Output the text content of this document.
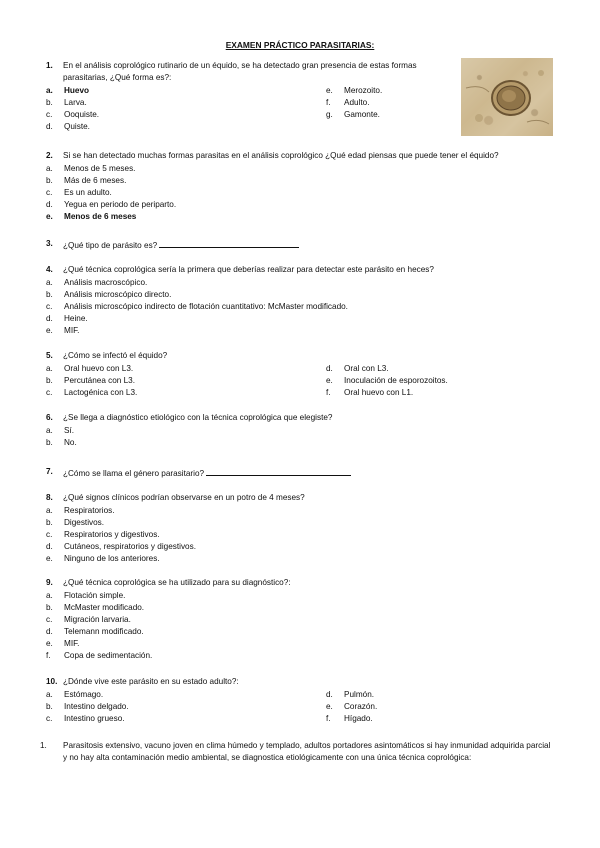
EXAMEN PRÁCTICO PARASITARIAS:
1.	En el análisis coprológico rutinario de un équido, se ha detectado gran presencia de estas formas parasitarias, ¿Qué forma es?:
a.	Huevo
b.	Larva.
c.	Ooquiste.
d.	Quiste.
e.	Merozoito.
f.	Adulto.
g.	Gamonte.
2.	Si se han detectado muchas formas parasitas en el análisis coprológico ¿Qué edad piensas que puede tener el équido?
a.	Menos de 5 meses.
b.	Más de 6 meses.
c.	Es un adulto.
d.	Yegua en periodo de periparto.
e.	Menos de 6 meses
3.	¿Qué tipo de parásito es?
4.	¿Qué técnica coprológica sería la primera que deberías realizar para detectar este parásito en heces?
a.	Análisis macroscópico.
b.	Análisis microscópico directo.
c.	Análisis microscópico indirecto de flotación cuantitativo: McMaster modificado.
d.	Heine.
e.	MIF.
5.	¿Cómo se infectó el équido?
a.	Oral huevo con L3.
b.	Percutánea con L3.
c.	Lactogénica con L3.
d.	Oral con L3.
e.	Inoculación de esporozoitos.
f.	Oral huevo con L1.
6.	¿Se llega a diagnóstico etiológico con la técnica coprológica que elegiste?
a.	Sí.
b.	No.
7.	¿Cómo se llama el género parasitario?
8.	¿Qué signos clínicos podrían observarse en un potro de 4 meses?
a.	Respiratorios.
b.	Digestivos.
c.	Respiratorios y digestivos.
d.	Cutáneos, respiratorios y digestivos.
e.	Ninguno de los anteriores.
9.	¿Qué técnica coprológica se ha utilizado para su diagnóstico?:
a.	Flotación simple.
b.	McMaster modificado.
c.	Migración larvaria.
d.	Telemann modificado.
e.	MIF.
f.	Copa de sedimentación.
10. ¿Dónde vive este parásito en su estado adulto?:
a.	Estómago.
b.	Intestino delgado.
c.	Intestino grueso.
d.	Pulmón.
e.	Corazón.
f.	Hígado.
1.	Parasitosis extensivo, vacuno joven en clima húmedo y templado, adultos portadores asintomáticos si hay inmunidad adquirida parcial y no hay alta contaminación medio ambiental, se diagnostica etiológicamente con una única técnica coprológica:
